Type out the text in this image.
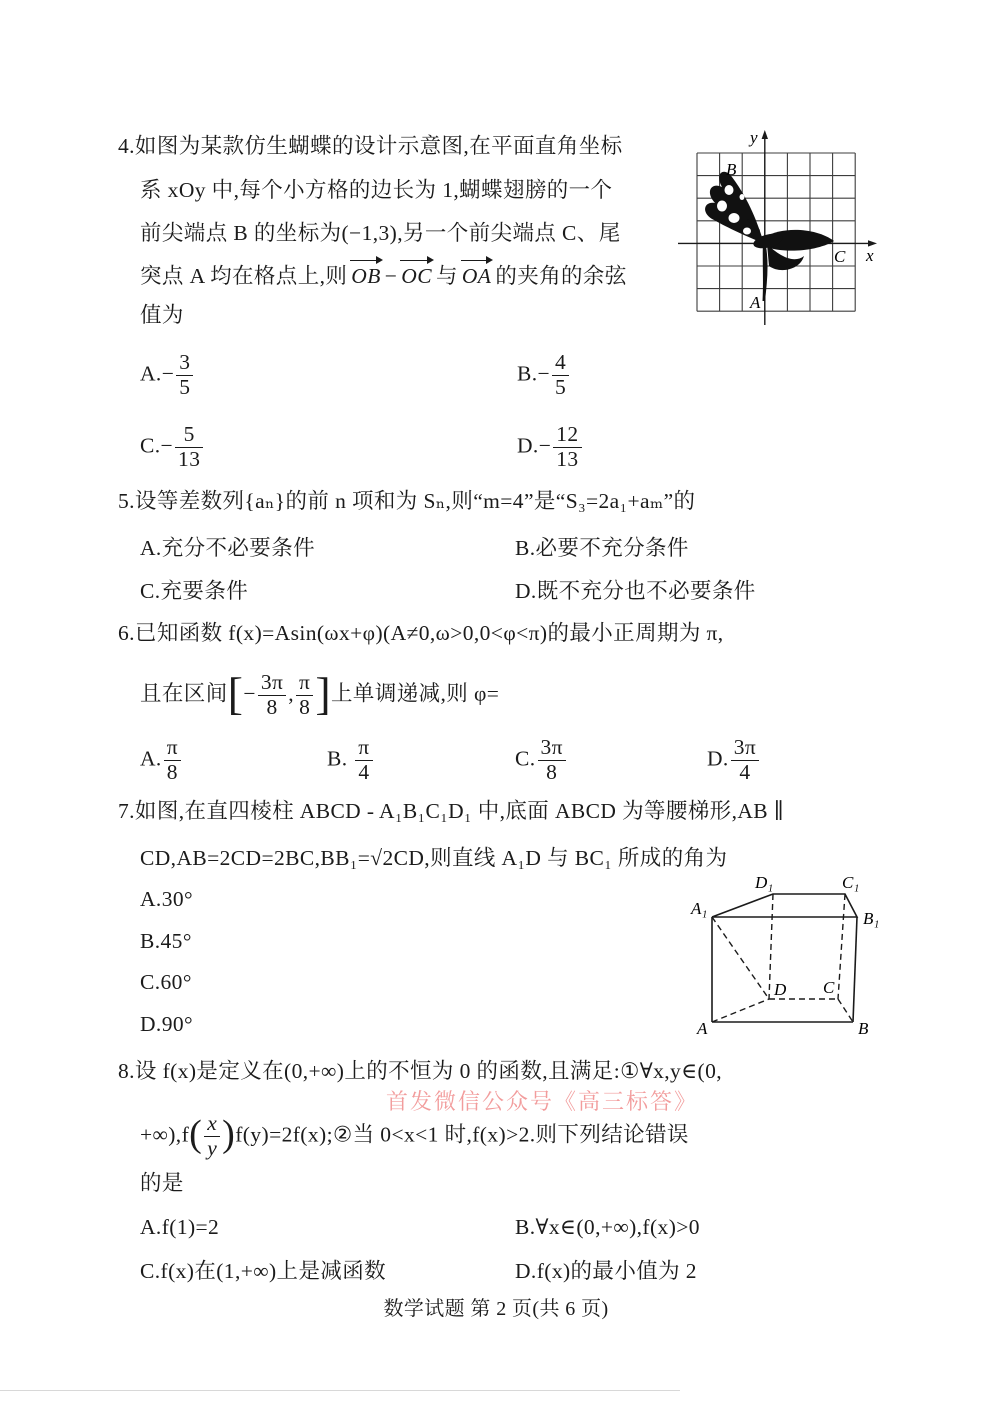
4.如图为某款仿生蝴蝶的设计示意图,在平面直角坐标
系 xOy 中,每个小方格的边长为 1,蝴蝶翅膀的一个
前尖端点 B 的坐标为(−1,3),另一个前尖端点 C、尾
突点 A 均在格点上,则 OB − OC 与 OA 的夹角的余弦
值为
$A.- \frac{3}{5}$	$B.- \frac{4}{5}$
$C.- \frac{5}{13}$	$D.- \frac{12}{13}$
y
x
B
C
A
5.设等差数列{aₙ}的前 n 项和为 Sₙ,则“m=4”是“S₃=2a₁+aₘ”的
A.充分不必要条件	B.必要不充分条件
C.充要条件	D.既不充分也不必要条件
6.已知函数 f(x)=Asin(ωx+φ)(A≠0,ω>0,0<φ<π)的最小正周期为 π,
且在区间[− $\frac{3\pi}{8}$ , $\frac{\pi}{8}$ ]上单调递减,则 φ=
A. $\frac{\pi}{8}$	B. $\frac{\pi}{4}$	C. $\frac{3\pi}{8}$	D. $\frac{3\pi}{4}$
7.如图,在直四棱柱 ABCD - A₁B₁C₁D₁ 中,底面 ABCD 为等腰梯形,AB ∥
CD,AB=2CD=2BC,BB₁=√2CD,则直线 A₁D 与 BC₁ 所成的角为
A.30°
B.45°
C.60°
D.90°
A₁
D₁	C₁
B₁
A	B
D C
8.设 f(x)是定义在(0,+∞)上的不恒为 0 的函数,且满足:①∀x,y∈(0,
首发微信公众号《高三标答》
$+\infty),f( \frac{x}{y}$ )f(y)=2f(x);②当 0<x<1 时,f(x)>2.则下列结论错误
的是
A.f(1)=2	B.∀x∈(0,+∞),f(x)>0
C.f(x)在(1,+∞)上是减函数	D.f(x)的最小值为 2
数学试题 第 2 页(共 6 页)
